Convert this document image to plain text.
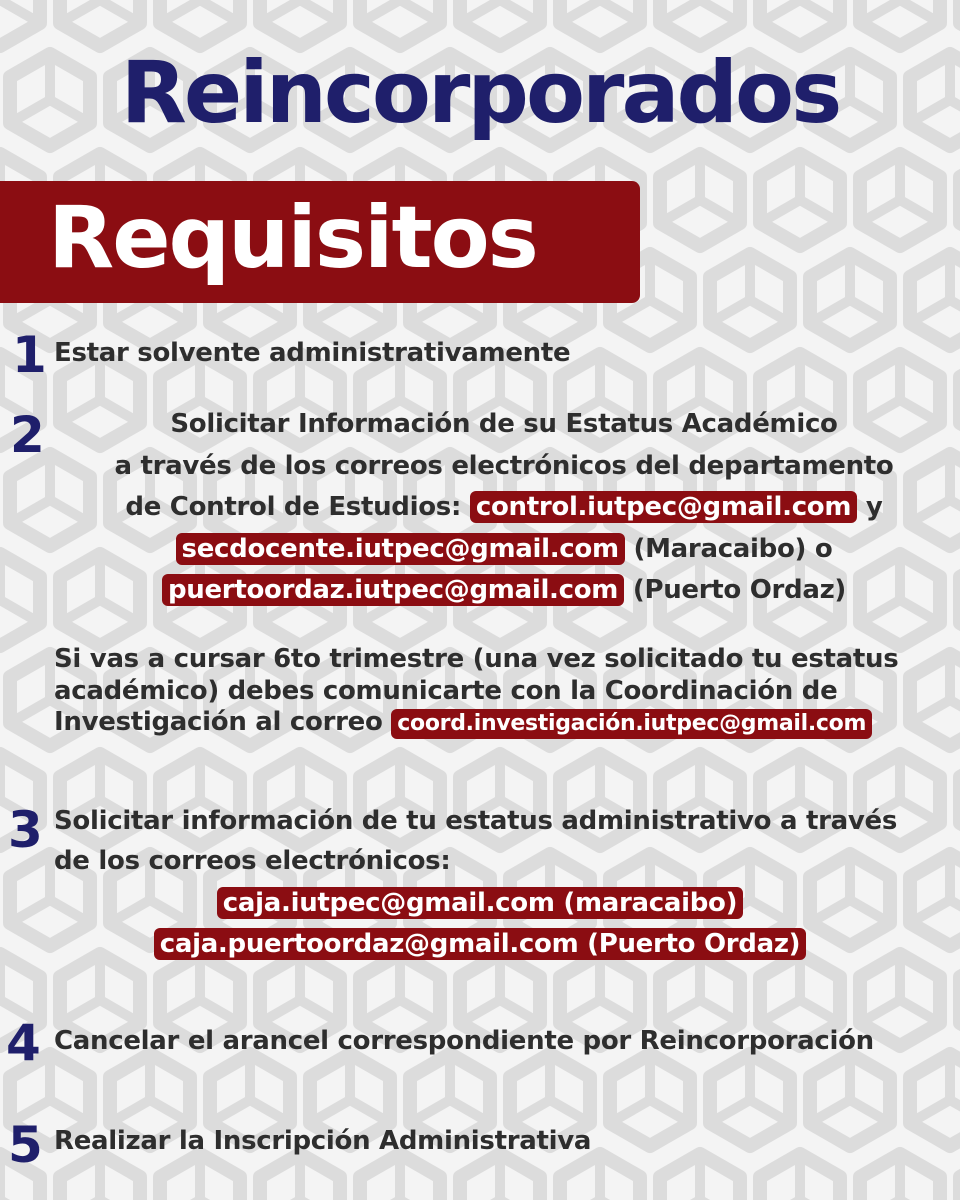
Reincorporados
Requisitos
1 Estar solvente administrativamente
2	Solicitar Información de su Estatus Académico
a través de los correos electrónicos del departamento
de Control de Estudios: control.iutpec@gmail.com y
secdocente.iutpec@gmail.com (Maracaibo) o
puertoordaz.iutpec@gmail.com (Puerto Ordaz)
Si vas a cursar 6to trimestre (una vez solicitado tu estatus
académico) debes comunicarte con la Coordinación de
Investigación al correo coord.investigación.iutpec@gmail.com
3 Solicitar información de tu estatus administrativo a través
de los correos electrónicos:
caja.iutpec@gmail.com (maracaibo)
caja.puertoordaz@gmail.com (Puerto Ordaz)
4 Cancelar el arancel correspondiente por Reincorporación
5 Realizar la Inscripción Administrativa
